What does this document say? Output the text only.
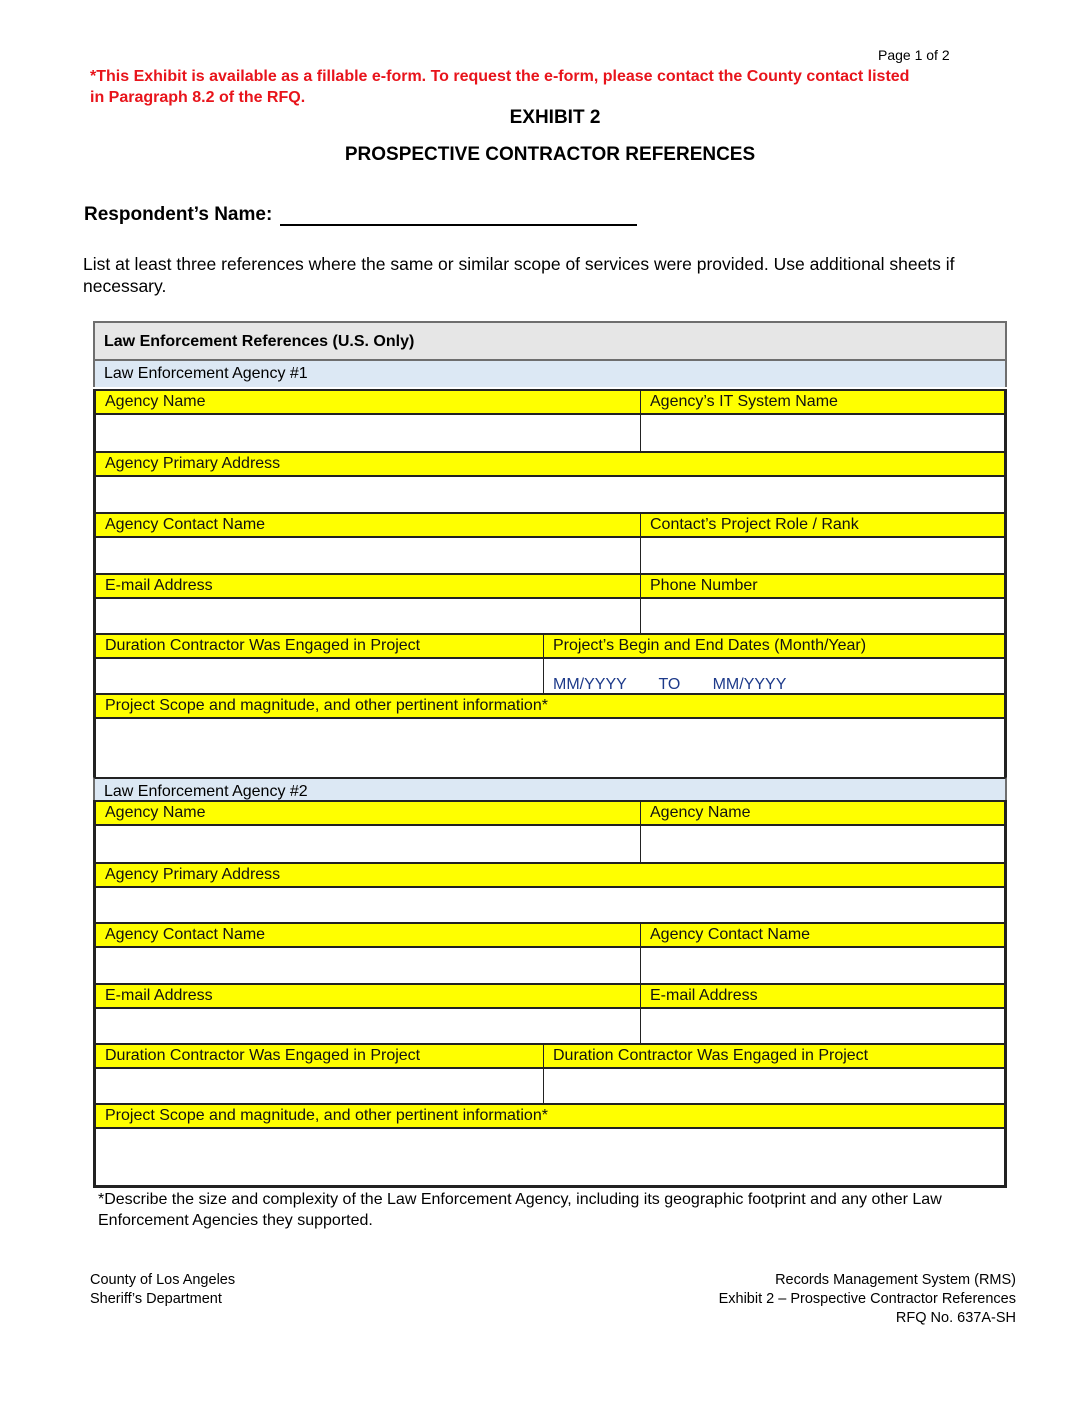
Page 1 of 2
*This Exhibit is available as a fillable e-form. To request the e-form, please contact the County contact listed in Paragraph 8.2 of the RFQ.
EXHIBIT 2
PROSPECTIVE CONTRACTOR REFERENCES
Respondent’s Name:
List at least three references where the same or similar scope of services were provided. Use additional sheets if necessary.
Law Enforcement References (U.S. Only)
Law Enforcement Agency #1
Agency Name	Agency’s IT System Name
Agency Primary Address
Agency Contact Name	Contact’s Project Role / Rank
E-mail Address	Phone Number
Duration Contractor Was Engaged in Project	Project’s Begin and End Dates (Month/Year)
MM/YYYY     TO     MM/YYYY
Project Scope and magnitude, and other pertinent information*
Law Enforcement Agency #2
Agency Name	Agency Name
Agency Primary Address
Agency Contact Name	Agency Contact Name
E-mail Address	E-mail Address
Duration Contractor Was Engaged in Project	Duration Contractor Was Engaged in Project
Project Scope and magnitude, and other pertinent information*
*Describe the size and complexity of the Law Enforcement Agency, including its geographic footprint and any other Law Enforcement Agencies they supported.
County of Los Angeles
Sheriff’s Department
Records Management System (RMS)
Exhibit 2 – Prospective Contractor References
RFQ No. 637A-SH
